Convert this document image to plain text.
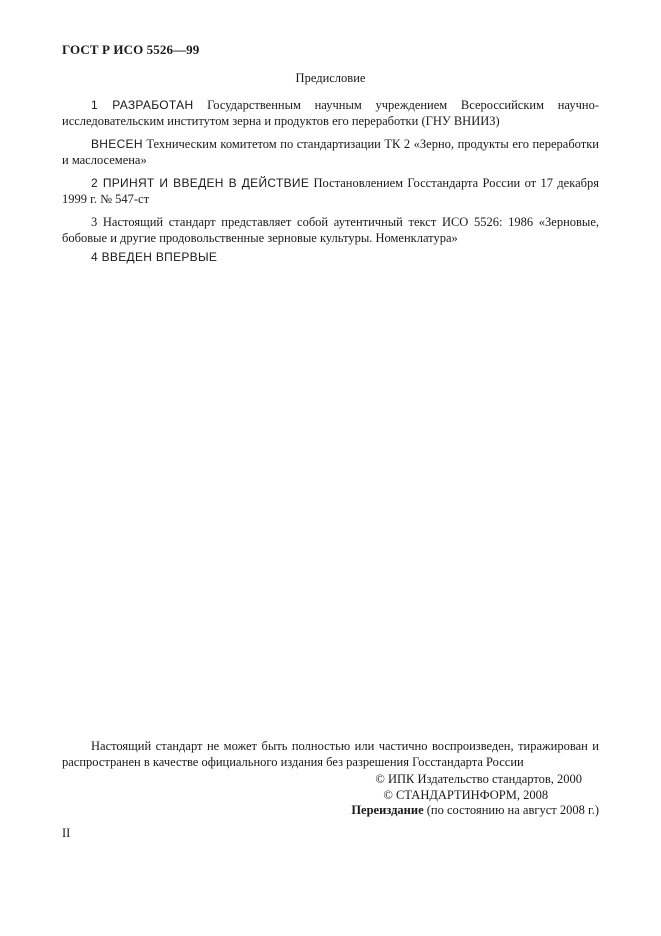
ГОСТ Р ИСО 5526—99
Предисловие
1 РАЗРАБОТАН Государственным научным учреждением Всероссийским научно-исследовательским институтом зерна и продуктов его переработки (ГНУ ВНИИЗ)
ВНЕСЕН Техническим комитетом по стандартизации ТК 2 «Зерно, продукты его переработки и маслосемена»
2 ПРИНЯТ И ВВЕДЕН В ДЕЙСТВИЕ Постановлением Госстандарта России от 17 декабря 1999 г. № 547-ст
3 Настоящий стандарт представляет собой аутентичный текст ИСО 5526: 1986 «Зерновые, бобовые и другие продовольственные зерновые культуры. Номенклатура»
4 ВВЕДЕН ВПЕРВЫЕ
Настоящий стандарт не может быть полностью или частично воспроизведен, тиражирован и распространен в качестве официального издания без разрешения Госстандарта России
© ИПК Издательство стандартов, 2000
© СТАНДАРТИНФОРМ, 2008
Переиздание (по состоянию на август 2008 г.)
II
